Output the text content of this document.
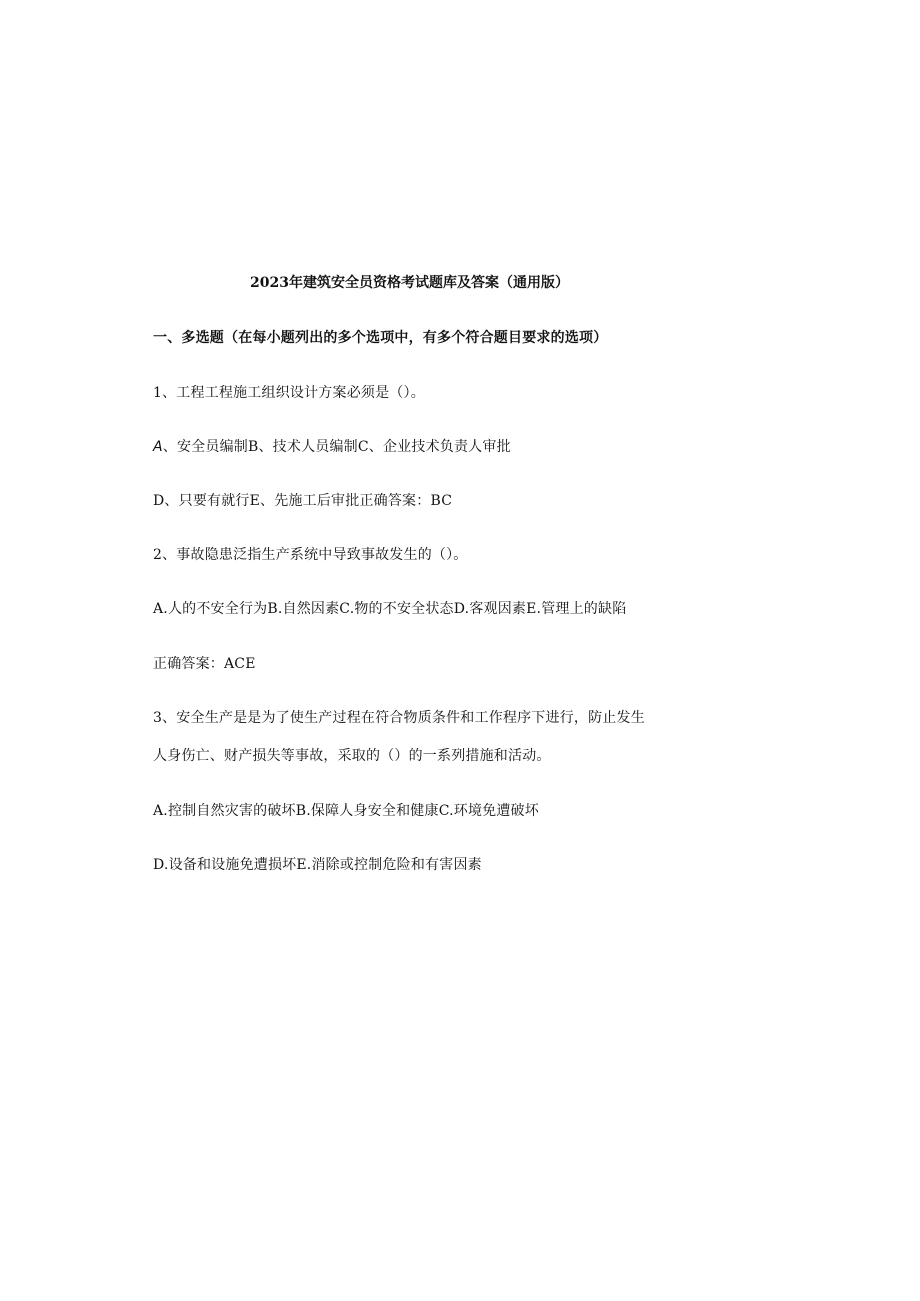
2023年建筑安全员资格考试题库及答案（通用版）
一、多选题（在每小题列出的多个选项中，有多个符合题目要求的选项）
1、工程工程施工组织设计方案必须是（）。
A、安全员编制B、技术人员编制C、企业技术负责人审批
D、只要有就行E、先施工后审批正确答案：BC
2、事故隐患泛指生产系统中导致事故发生的（）。
A.人的不安全行为B.自然因素C.物的不安全状态D.客观因素E.管理上的缺陷
正确答案：ACE
3、安全生产是是为了使生产过程在符合物质条件和工作程序下进行，防止发生
人身伤亡、财产损失等事故，采取的（）的一系列措施和活动。
A.控制自然灾害的破坏B.保障人身安全和健康C.环境免遭破坏
D.设备和设施免遭损坏E.消除或控制危险和有害因素
